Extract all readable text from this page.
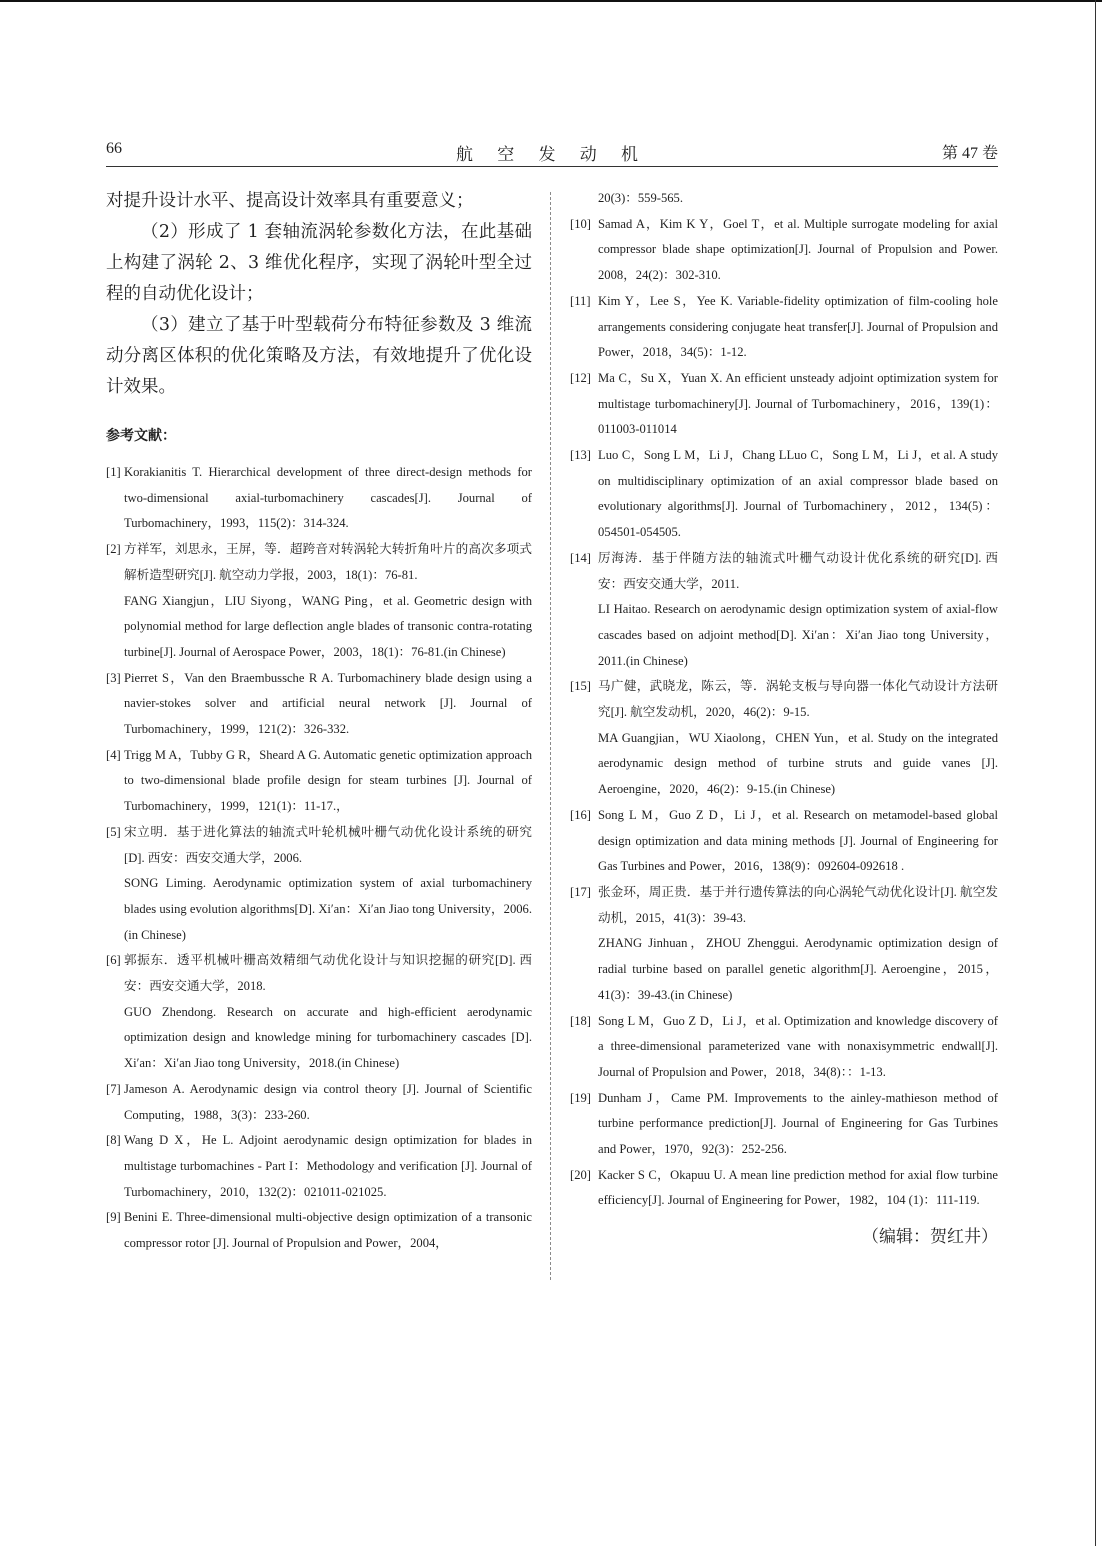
66	航 空 发 动 机	第 47 卷

对提升设计水平、提高设计效率具有重要意义；

（2）形成了 1 套轴流涡轮参数化方法，在此基础上构建了涡轮 2、3 维优化程序，实现了涡轮叶型全过程的自动优化设计；

（3）建立了基于叶型载荷分布特征参数及 3 维流动分离区体积的优化策略及方法，有效地提升了优化设计效果。

参考文献：
[1] Korakianitis T. Hierarchical development of three direct-design methods for two-dimensional axial-turbomachinery cascades[J]. Journal of Turbomachinery，1993，115(2)：314-324.
[2] 方祥军，刘思永，王屏，等．超跨音对转涡轮大转折角叶片的高次多项式解析造型研究[J]. 航空动力学报，2003，18(1)：76-81.
FANG Xiangjun，LIU Siyong，WANG Ping，et al. Geometric design with polynomial method for large deflection angle blades of transonic contra-rotating turbine[J]. Journal of Aerospace Power，2003，18(1)：76-81.(in Chinese)
[3] Pierret S，Van den Braembussche R A. Turbomachinery blade design using a navier-stokes solver and artificial neural network [J]. Journal of Turbomachinery，1999，121(2)：326-332.
[4] Trigg M A，Tubby G R，Sheard A G. Automatic genetic optimization approach to two-dimensional blade profile design for steam turbines [J]. Journal of Turbomachinery，1999，121(1)：11-17.，
[5] 宋立明．基于进化算法的轴流式叶轮机械叶栅气动优化设计系统的研究[D]. 西安：西安交通大学，2006.
SONG Liming. Aerodynamic optimization system of axial turbomachinery blades using evolution algorithms[D]. Xi′an：Xi′an Jiao tong University，2006.(in Chinese)
[6] 郭振东．透平机械叶栅高效精细气动优化设计与知识挖掘的研究[D]. 西安：西安交通大学，2018.
GUO Zhendong. Research on accurate and high-efficient aerodynamic optimization design and knowledge mining for turbomachinery cascades [D]. Xi′an：Xi′an Jiao tong University，2018.(in Chinese)
[7] Jameson A. Aerodynamic design via control theory [J]. Journal of Scientific Computing，1988，3(3)：233-260.
[8] Wang D X，He L. Adjoint aerodynamic design optimization for blades in multistage turbomachines - Part I：Methodology and verification [J]. Journal of Turbomachinery，2010，132(2)：021011-021025.
[9] Benini E. Three-dimensional multi-objective design optimization of a transonic compressor rotor [J]. Journal of Propulsion and Power，2004，
20(3)：559-565.
[10] Samad A，Kim K Y，Goel T，et al. Multiple surrogate modeling for axial compressor blade shape optimization[J]. Journal of Propulsion and Power. 2008，24(2)：302-310.
[11] Kim Y，Lee S，Yee K. Variable-fidelity optimization of film-cooling hole arrangements considering conjugate heat transfer[J]. Journal of Propulsion and Power，2018，34(5)：1-12.
[12] Ma C，Su X，Yuan X. An efficient unsteady adjoint optimization system for multistage turbomachinery[J]. Journal of Turbomachinery，2016，139(1)：011003-011014
[13] Luo C，Song L M，Li J，Chang LLuo C，Song L M，Li J，et al. A study on multidisciplinary optimization of an axial compressor blade based on evolutionary algorithms[J]. Journal of Turbomachinery，2012，134(5)：054501-054505.
[14] 厉海涛．基于伴随方法的轴流式叶栅气动设计优化系统的研究[D]. 西安：西安交通大学，2011.
LI Haitao. Research on aerodynamic design optimization system of axial-flow cascades based on adjoint method[D]. Xi′an：Xi′an Jiao tong University，2011.(in Chinese)
[15] 马广健，武晓龙，陈云，等．涡轮支板与导向器一体化气动设计方法研究[J]. 航空发动机，2020，46(2)：9-15.
MA Guangjian，WU Xiaolong，CHEN Yun，et al. Study on the integrated aerodynamic design method of turbine struts and guide vanes [J]. Aeroengine，2020，46(2)：9-15.(in Chinese)
[16] Song L M，Guo Z D，Li J，et al. Research on metamodel-based global design optimization and data mining methods [J]. Journal of Engineering for Gas Turbines and Power，2016，138(9)：092604-092618 .
[17] 张金环，周正贵．基于并行遗传算法的向心涡轮气动优化设计[J]. 航空发动机，2015，41(3)：39-43.
ZHANG Jinhuan，ZHOU Zhenggui. Aerodynamic optimization design of radial turbine based on parallel genetic algorithm[J]. Aeroengine，2015，41(3)：39-43.(in Chinese)
[18] Song L M，Guo Z D，Li J，et al. Optimization and knowledge discovery of a three-dimensional parameterized vane with nonaxisymmetric endwall[J]. Journal of Propulsion and Power，2018，34(8)：：1-13.
[19] Dunham J，Came PM. Improvements to the ainley-mathieson method of turbine performance prediction[J]. Journal of Engineering for Gas Turbines and Power，1970，92(3)：252-256.
[20] Kacker S C，Okapuu U. A mean line prediction method for axial flow turbine efficiency[J]. Journal of Engineering for Power，1982，104 (1)：111-119.
（编辑：贺红井）
